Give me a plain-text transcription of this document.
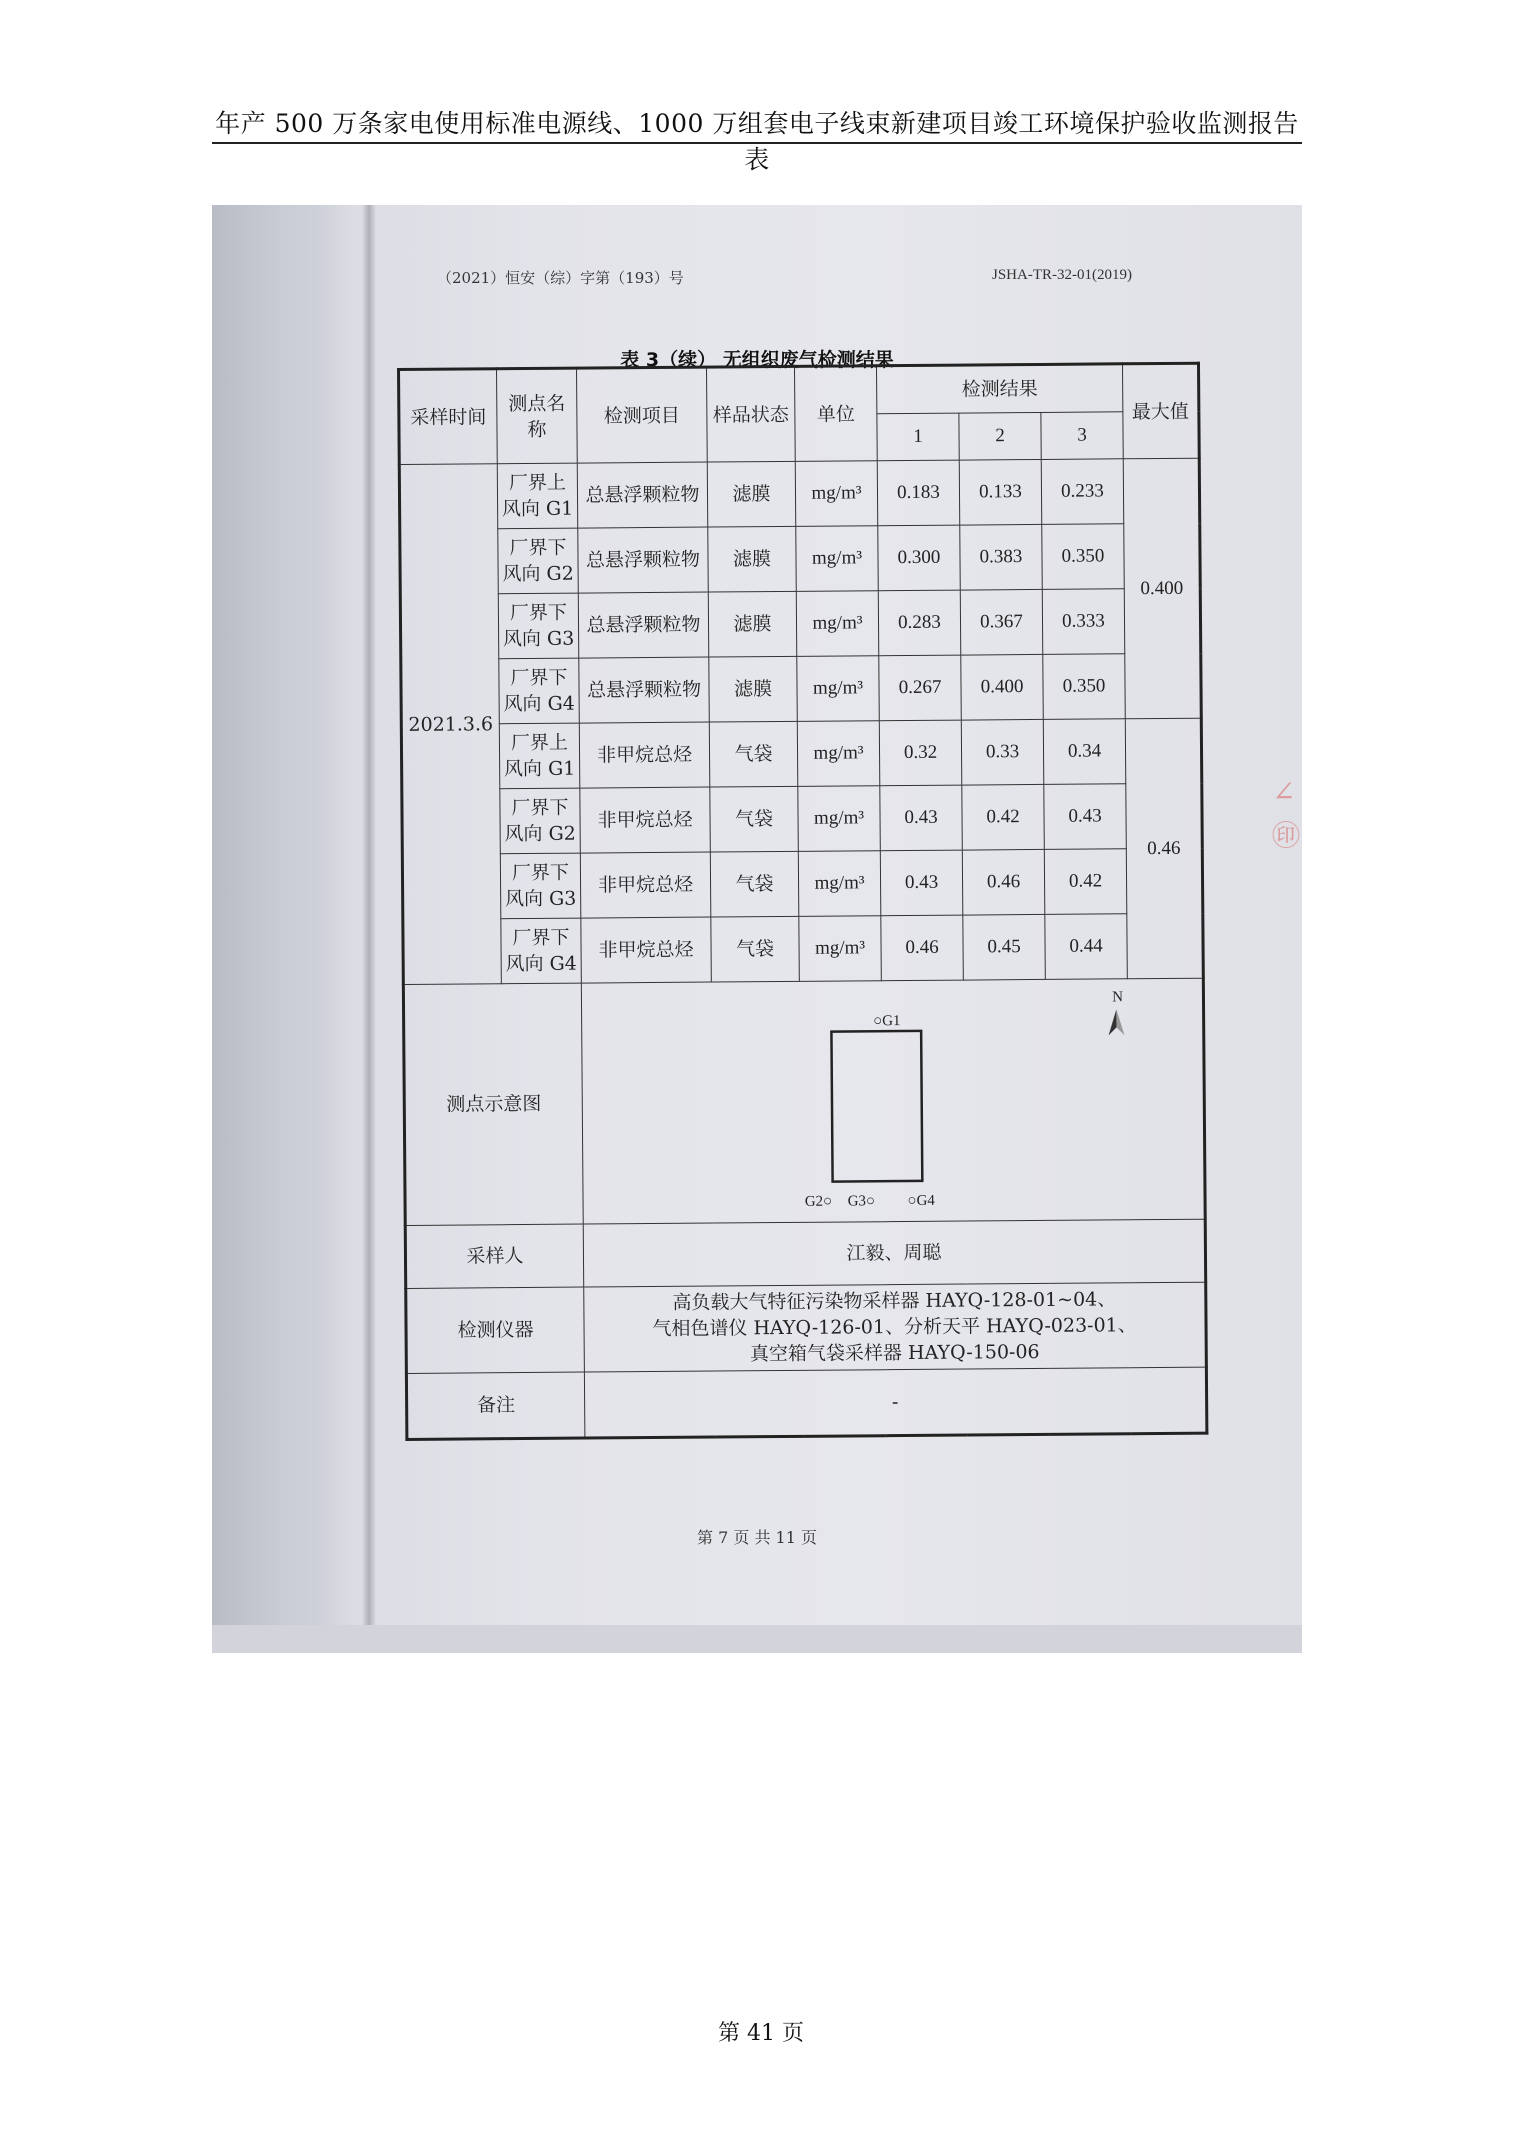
年产 500 万条家电使用标准电源线、1000 万组套电子线束新建项目竣工环境保护验收监测报告表
（2021）恒安（综）字第（193）号	JSHA-TR-32-01(2019)
表 3（续） 无组织废气检测结果
∠
㊞
采样时间	测点名称	检测项目	样品状态	单位	检测结果			最大值
					1	2	3	
2021.3.6	厂界上风向 G1	总悬浮颗粒物	滤膜	mg/m³	0.183	0.133	0.233	0.400
	厂界下风向 G2	总悬浮颗粒物	滤膜	mg/m³	0.300	0.383	0.350	
	厂界下风向 G3	总悬浮颗粒物	滤膜	mg/m³	0.283	0.367	0.333	
	厂界下风向 G4	总悬浮颗粒物	滤膜	mg/m³	0.267	0.400	0.350	
	厂界上风向 G1	非甲烷总烃	气袋	mg/m³	0.32	0.33	0.34	0.46
	厂界下风向 G2	非甲烷总烃	气袋	mg/m³	0.43	0.42	0.43	
	厂界下风向 G3	非甲烷总烃	气袋	mg/m³	0.43	0.46	0.42	
	厂界下风向 G4	非甲烷总烃	气袋	mg/m³	0.46	0.45	0.44	
测点示意图		○G1
G2○ G3○ ○G4
N						

采样人		江毅、周聪						
检测仪器		高负载大气特征污染物采样器 HAYQ-128-01~04、
气相色谱仪 HAYQ-126-01、分析天平 HAYQ-023-01、
真空箱气袋采样器 HAYQ-150-06						

备注		-						
第 7 页 共 11 页
第 41 页
